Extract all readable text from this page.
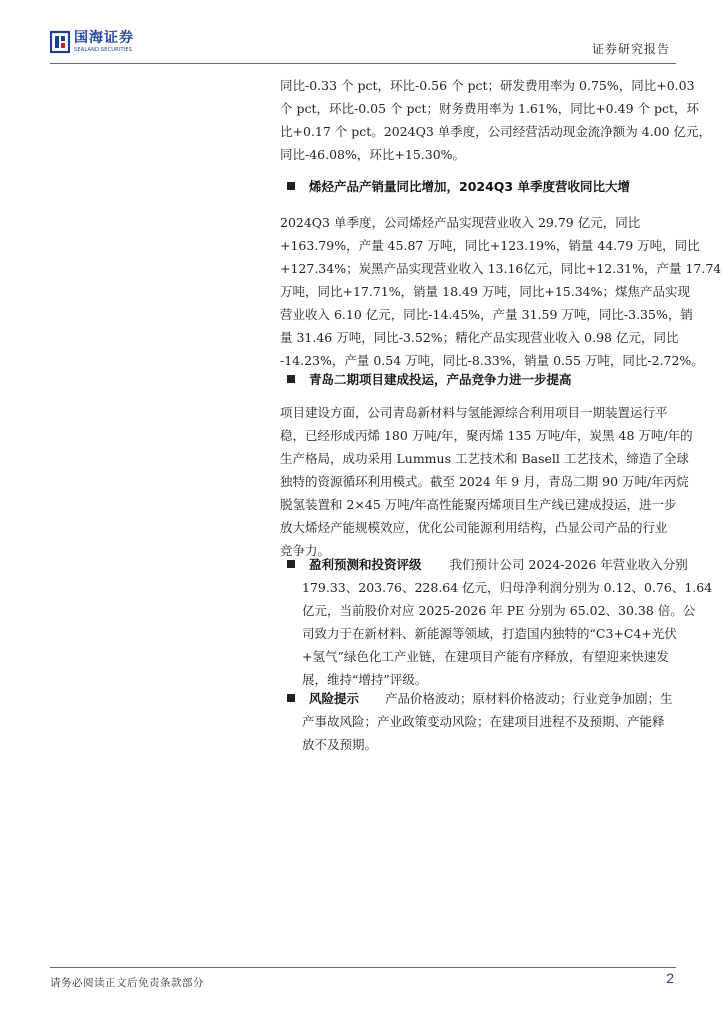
国海证券
SEALAND SECURITIES	证券研究报告
同比-0.33 个 pct，环比-0.56 个 pct；研发费用率为 0.75%，同比+0.03
个 pct，环比-0.05 个 pct；财务费用率为 1.61%，同比+0.49 个 pct，环
比+0.17 个 pct。2024Q3 单季度，公司经营活动现金流净额为 4.00 亿元，
同比-46.08%，环比+15.30%。
烯烃产品产销量同比增加，2024Q3 单季度营收同比大增
2024Q3 单季度，公司烯烃产品实现营业收入 29.79 亿元，同比
+163.79%，产量 45.87 万吨，同比+123.19%，销量 44.79 万吨，同比
+127.34%；炭黑产品实现营业收入 13.16亿元，同比+12.31%，产量 17.74
万吨，同比+17.71%，销量 18.49 万吨，同比+15.34%；煤焦产品实现
营业收入 6.10 亿元，同比-14.45%，产量 31.59 万吨，同比-3.35%，销
量 31.46 万吨，同比-3.52%；精化产品实现营业收入 0.98 亿元，同比
-14.23%，产量 0.54 万吨，同比-8.33%，销量 0.55 万吨，同比-2.72%。
青岛二期项目建成投运，产品竞争力进一步提高
项目建设方面，公司青岛新材料与氢能源综合利用项目一期装置运行平
稳，已经形成丙烯 180 万吨/年，聚丙烯 135 万吨/年，炭黑 48 万吨/年的
生产格局，成功采用 Lummus 工艺技术和 Basell 工艺技术，缔造了全球
独特的资源循环利用模式。截至 2024 年 9 月，青岛二期 90 万吨/年丙烷
脱氢装置和 2×45 万吨/年高性能聚丙烯项目生产线已建成投运，进一步
放大烯烃产能规模效应，优化公司能源利用结构，凸显公司产品的行业
竞争力。
盈利预测和投资评级 我们预计公司 2024-2026 年营业收入分别
179.33、203.76、228.64 亿元，归母净利润分别为 0.12、0.76、1.64
亿元，当前股价对应 2025-2026 年 PE 分别为 65.02、30.38 倍。公
司致力于在新材料、新能源等领域，打造国内独特的“C3+C4+光伏
+氢气”绿色化工产业链，在建项目产能有序释放，有望迎来快速发
展，维持“增持”评级。
风险提示 产品价格波动；原材料价格波动；行业竞争加剧；生
产事故风险；产业政策变动风险；在建项目进程不及预期、产能释
放不及预期。
请务必阅读正文后免责条款部分	2
